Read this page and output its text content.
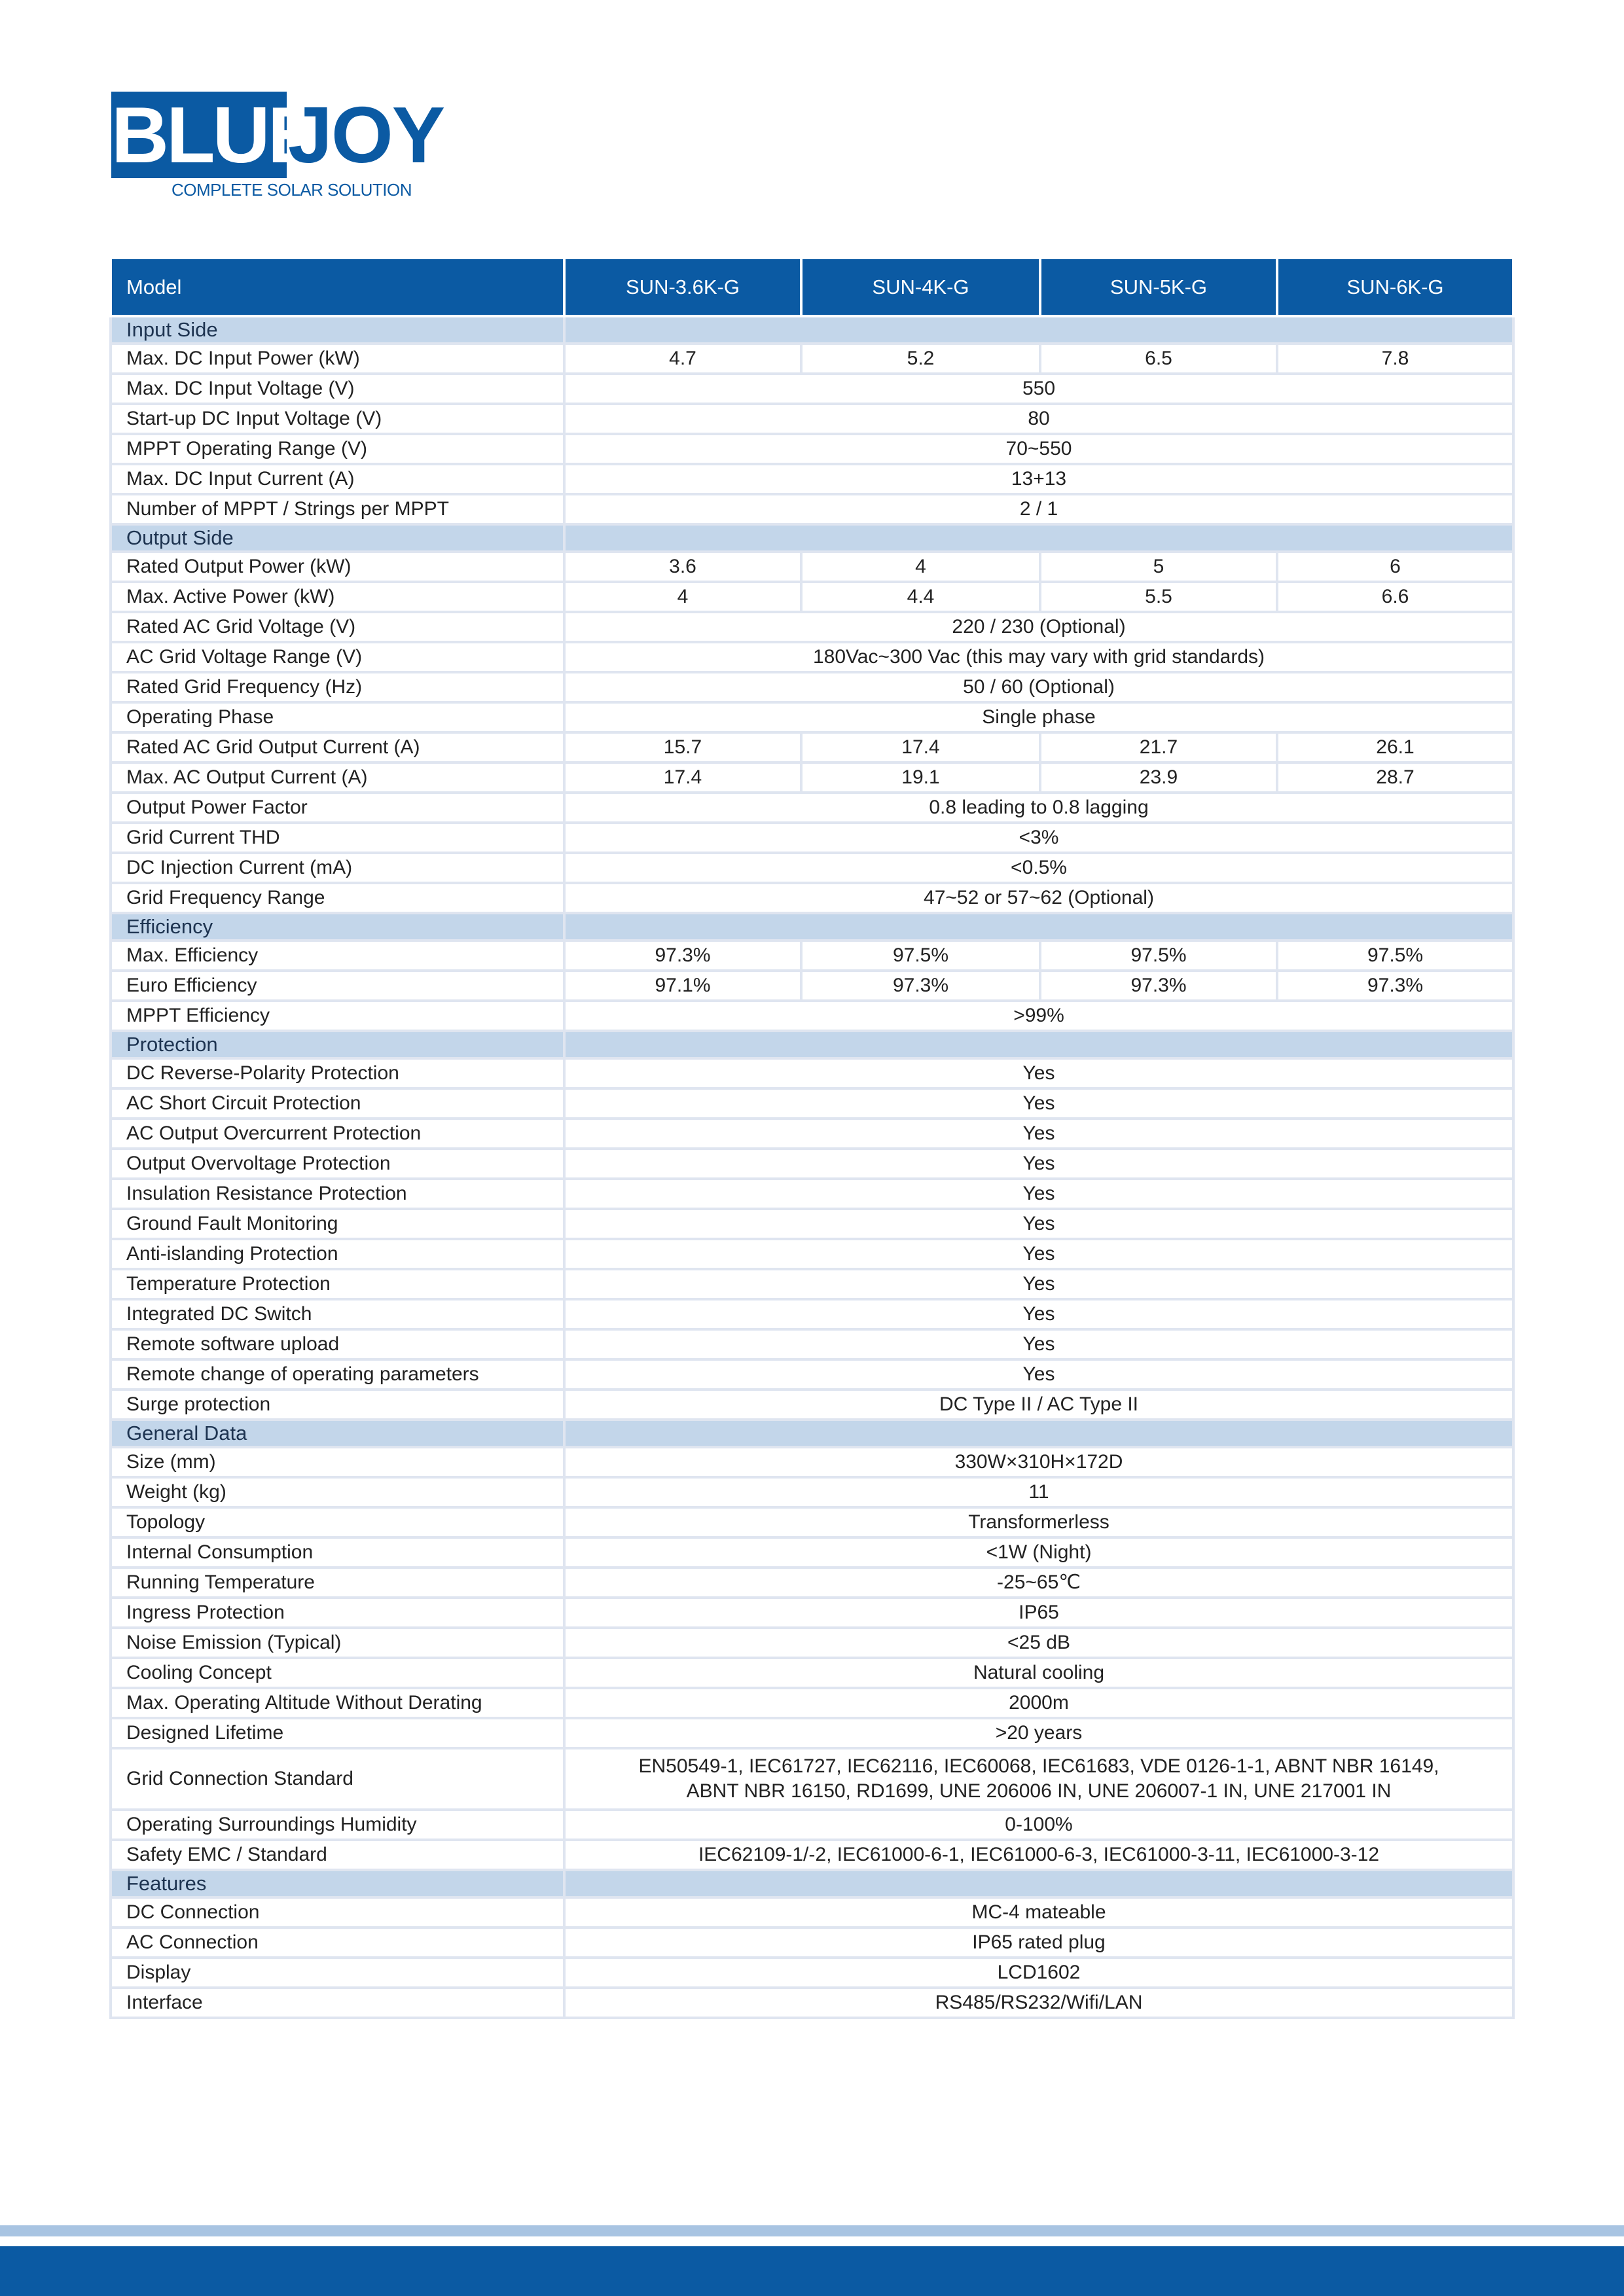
BLUE
JOY
COMPLETE SOLAR SOLUTION
Model	SUN-3.6K-G	SUN-4K-G	SUN-5K-G	SUN-6K-G
Input Side				
Max. DC Input Power (kW)	4.7	5.2	6.5	7.8
Max. DC Input Voltage (V)	550			
Start-up DC Input Voltage (V)	80			
MPPT Operating Range (V)	70~550			
Max. DC Input Current (A)	13+13			
Number of MPPT / Strings per MPPT	2 / 1			
Output Side				
Rated Output Power (kW)	3.6	4	5	6
Max. Active Power (kW)	4	4.4	5.5	6.6
Rated AC Grid Voltage (V)	220 / 230 (Optional)			
AC Grid Voltage Range (V)	180Vac~300 Vac (this may vary with grid standards)			
Rated Grid Frequency (Hz)	50 / 60 (Optional)			
Operating Phase	Single phase			
Rated AC Grid Output Current (A)	15.7	17.4	21.7	26.1
Max. AC Output Current (A)	17.4	19.1	23.9	28.7
Output Power Factor	0.8 leading to 0.8 lagging			
Grid Current THD	<3%			
DC Injection Current (mA)	<0.5%			
Grid Frequency Range	47~52 or 57~62 (Optional)			
Efficiency				
Max. Efficiency	97.3%	97.5%	97.5%	97.5%
Euro Efficiency	97.1%	97.3%	97.3%	97.3%
MPPT Efficiency	>99%			
Protection				
DC Reverse-Polarity Protection	Yes			
AC Short Circuit Protection	Yes			
AC Output Overcurrent Protection	Yes			
Output Overvoltage Protection	Yes			
Insulation Resistance Protection	Yes			
Ground Fault Monitoring	Yes			
Anti-islanding Protection	Yes			
Temperature Protection	Yes			
Integrated DC Switch	Yes			
Remote software upload	Yes			
Remote change of operating parameters	Yes			
Surge protection	DC Type II / AC Type II			
General Data				
Size (mm)	330W×310H×172D			
Weight (kg)	11			
Topology	Transformerless			
Internal Consumption	<1W (Night)			
Running Temperature	-25~65℃			
Ingress Protection	IP65			
Noise Emission (Typical)	<25 dB			
Cooling Concept	Natural cooling			
Max. Operating Altitude Without Derating	2000m			
Designed Lifetime	>20 years			
Grid Connection Standard	EN50549-1, IEC61727, IEC62116, IEC60068, IEC61683, VDE 0126-1-1, ABNT NBR 16149,
ABNT NBR 16150, RD1699, UNE 206006 IN, UNE 206007-1 IN, UNE 217001 IN			

Operating Surroundings Humidity	0-100%			
Safety EMC / Standard	IEC62109-1/-2, IEC61000-6-1, IEC61000-6-3, IEC61000-3-11, IEC61000-3-12			
Features				
DC Connection	MC-4 mateable			
AC Connection	IP65 rated plug			
Display	LCD1602			
Interface	RS485/RS232/Wifi/LAN			
